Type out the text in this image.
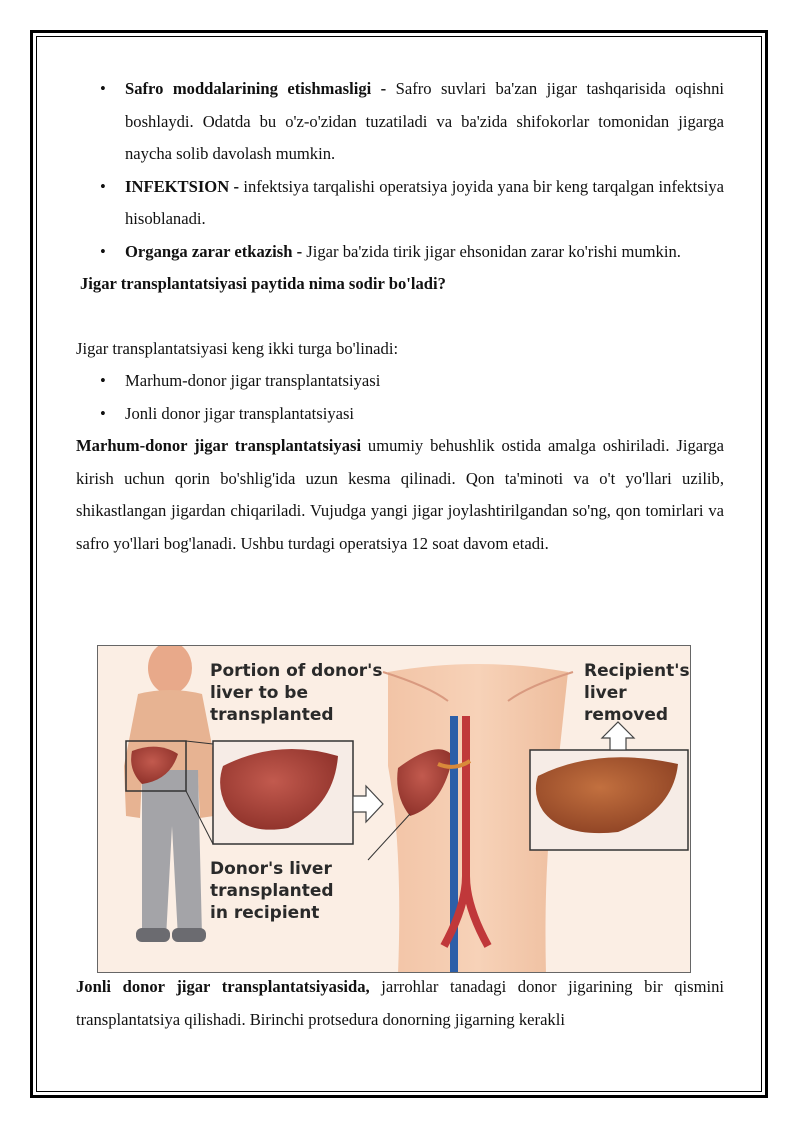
• Safro moddalarining etishmasligi - Safro suvlari ba'zan jigar tashqarisida oqishni boshlaydi. Odatda bu o'z-o'zidan tuzatiladi va ba'zida shifokorlar tomonidan jigarga naycha solib davolash mumkin.
• INFEKTSION - infektsiya tarqalishi operatsiya joyida yana bir keng tarqalgan infektsiya hisoblanadi.
• Organga zarar etkazish - Jigar ba'zida tirik jigar ehsonidan zarar ko'rishi mumkin.

Jigar transplantatsiyasi paytida nima sodir bo'ladi?

Jigar transplantatsiyasi keng ikki turga bo'linadi:

• Marhum-donor jigar transplantatsiyasi
• Jonli donor jigar transplantatsiyasi

Marhum-donor jigar transplantatsiyasi umumiy behushlik ostida amalga oshiriladi. Jigarga kirish uchun qorin bo'shlig'ida uzun kesma qilinadi. Qon ta'minoti va o't yo'llari uzilib, shikastlangan jigardan chiqariladi. Vujudga yangi jigar joylashtirilgandan so'ng, qon tomirlari va safro yo'llari bog'lanadi. Ushbu turdagi operatsiya 12 soat davom etadi.

Portion of donor's liver to be transplanted
Recipient's liver removed
Donor's liver transplanted in recipient

Jonli donor jigar transplantatsiyasida, jarrohlar tanadagi donor jigarining bir qismini transplantatsiya qilishadi. Birinchi protsedura donorning jigarning kerakli
